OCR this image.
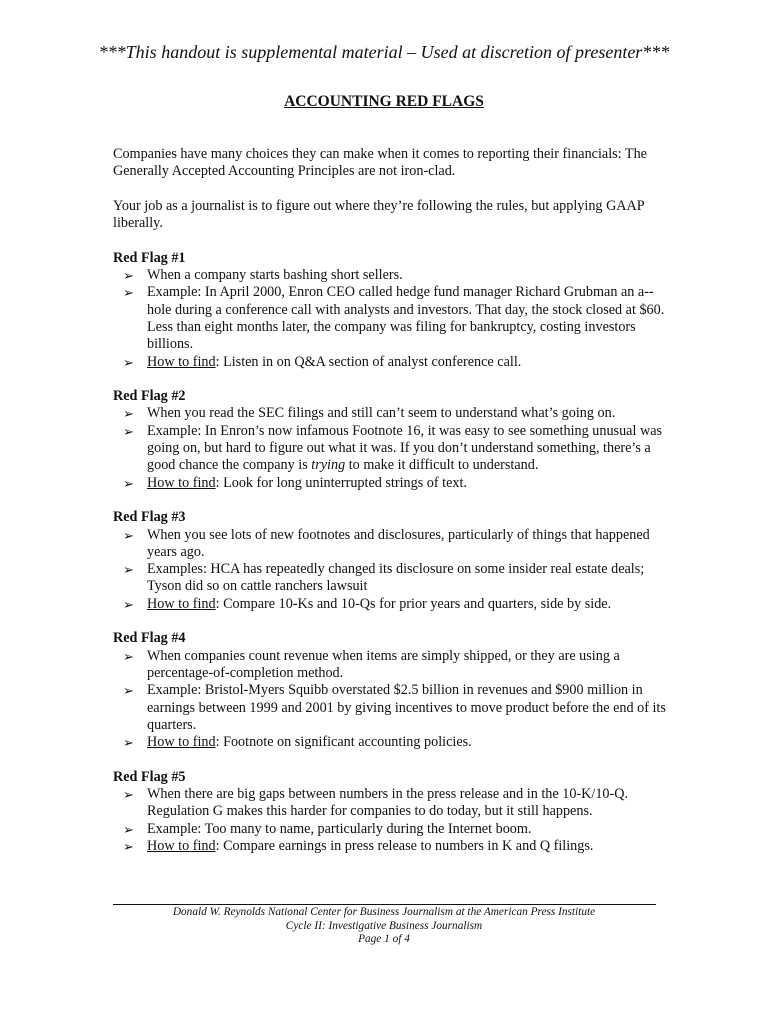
***This handout is supplemental material – Used at discretion of presenter***
ACCOUNTING RED FLAGS

Companies have many choices they can make when it comes to reporting their financials: The Generally Accepted Accounting Principles are not iron-clad.

Your job as a journalist is to figure out where they’re following the rules, but applying GAAP liberally.

Red Flag #1
➢ When a company starts bashing short sellers.
➢ Example: In April 2000, Enron CEO called hedge fund manager Richard Grubman an a--hole during a conference call with analysts and investors. That day, the stock closed at $60. Less than eight months later, the company was filing for bankruptcy, costing investors billions.
➢ How to find: Listen in on Q&A section of analyst conference call.
Red Flag #2
➢ When you read the SEC filings and still can’t seem to understand what’s going on.
➢ Example: In Enron’s now infamous Footnote 16, it was easy to see something unusual was going on, but hard to figure out what it was. If you don’t understand something, there’s a good chance the company is trying to make it difficult to understand.
➢ How to find: Look for long uninterrupted strings of text.
Red Flag #3
➢ When you see lots of new footnotes and disclosures, particularly of things that happened years ago.
➢ Examples: HCA has repeatedly changed its disclosure on some insider real estate deals; Tyson did so on cattle ranchers lawsuit
➢ How to find: Compare 10-Ks and 10-Qs for prior years and quarters, side by side.
Red Flag #4
➢ When companies count revenue when items are simply shipped, or they are using a percentage-of-completion method.
➢ Example: Bristol-Myers Squibb overstated $2.5 billion in revenues and $900 million in earnings between 1999 and 2001 by giving incentives to move product before the end of its quarters.
➢ How to find: Footnote on significant accounting policies.
Red Flag #5
➢ When there are big gaps between numbers in the press release and in the 10-K/10-Q. Regulation G makes this harder for companies to do today, but it still happens.
➢ Example: Too many to name, particularly during the Internet boom.
➢ How to find: Compare earnings in press release to numbers in K and Q filings.
Donald W. Reynolds National Center for Business Journalism at the American Press Institute
Cycle II: Investigative Business Journalism
Page 1 of 4
